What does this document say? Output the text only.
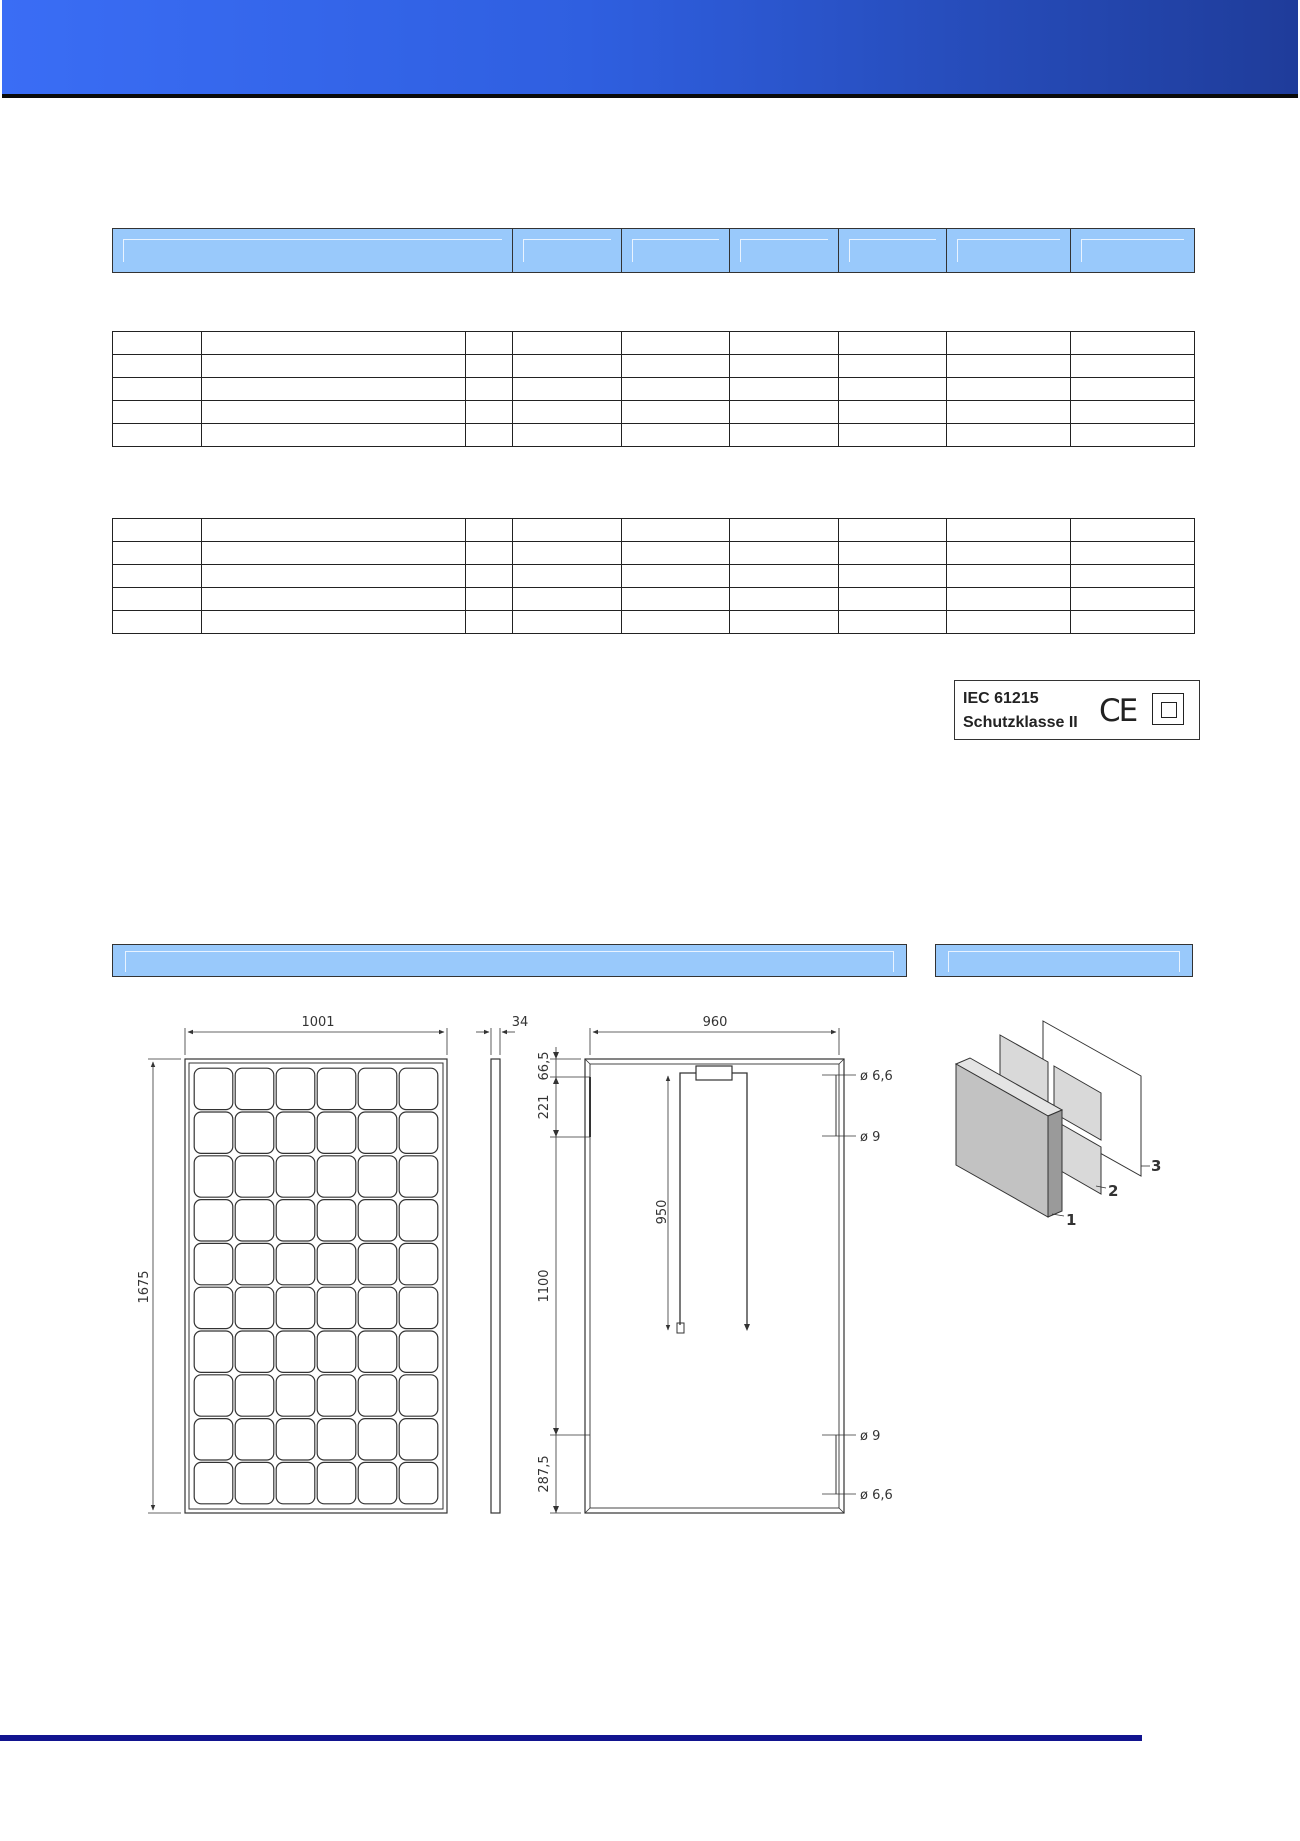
IEC 61215
Schutzklasse II CE
1001
1675
34	960
66,5
221
1100
287,5
950
ø 6,6
ø 9
ø 9
ø 6,6
1
2
3
